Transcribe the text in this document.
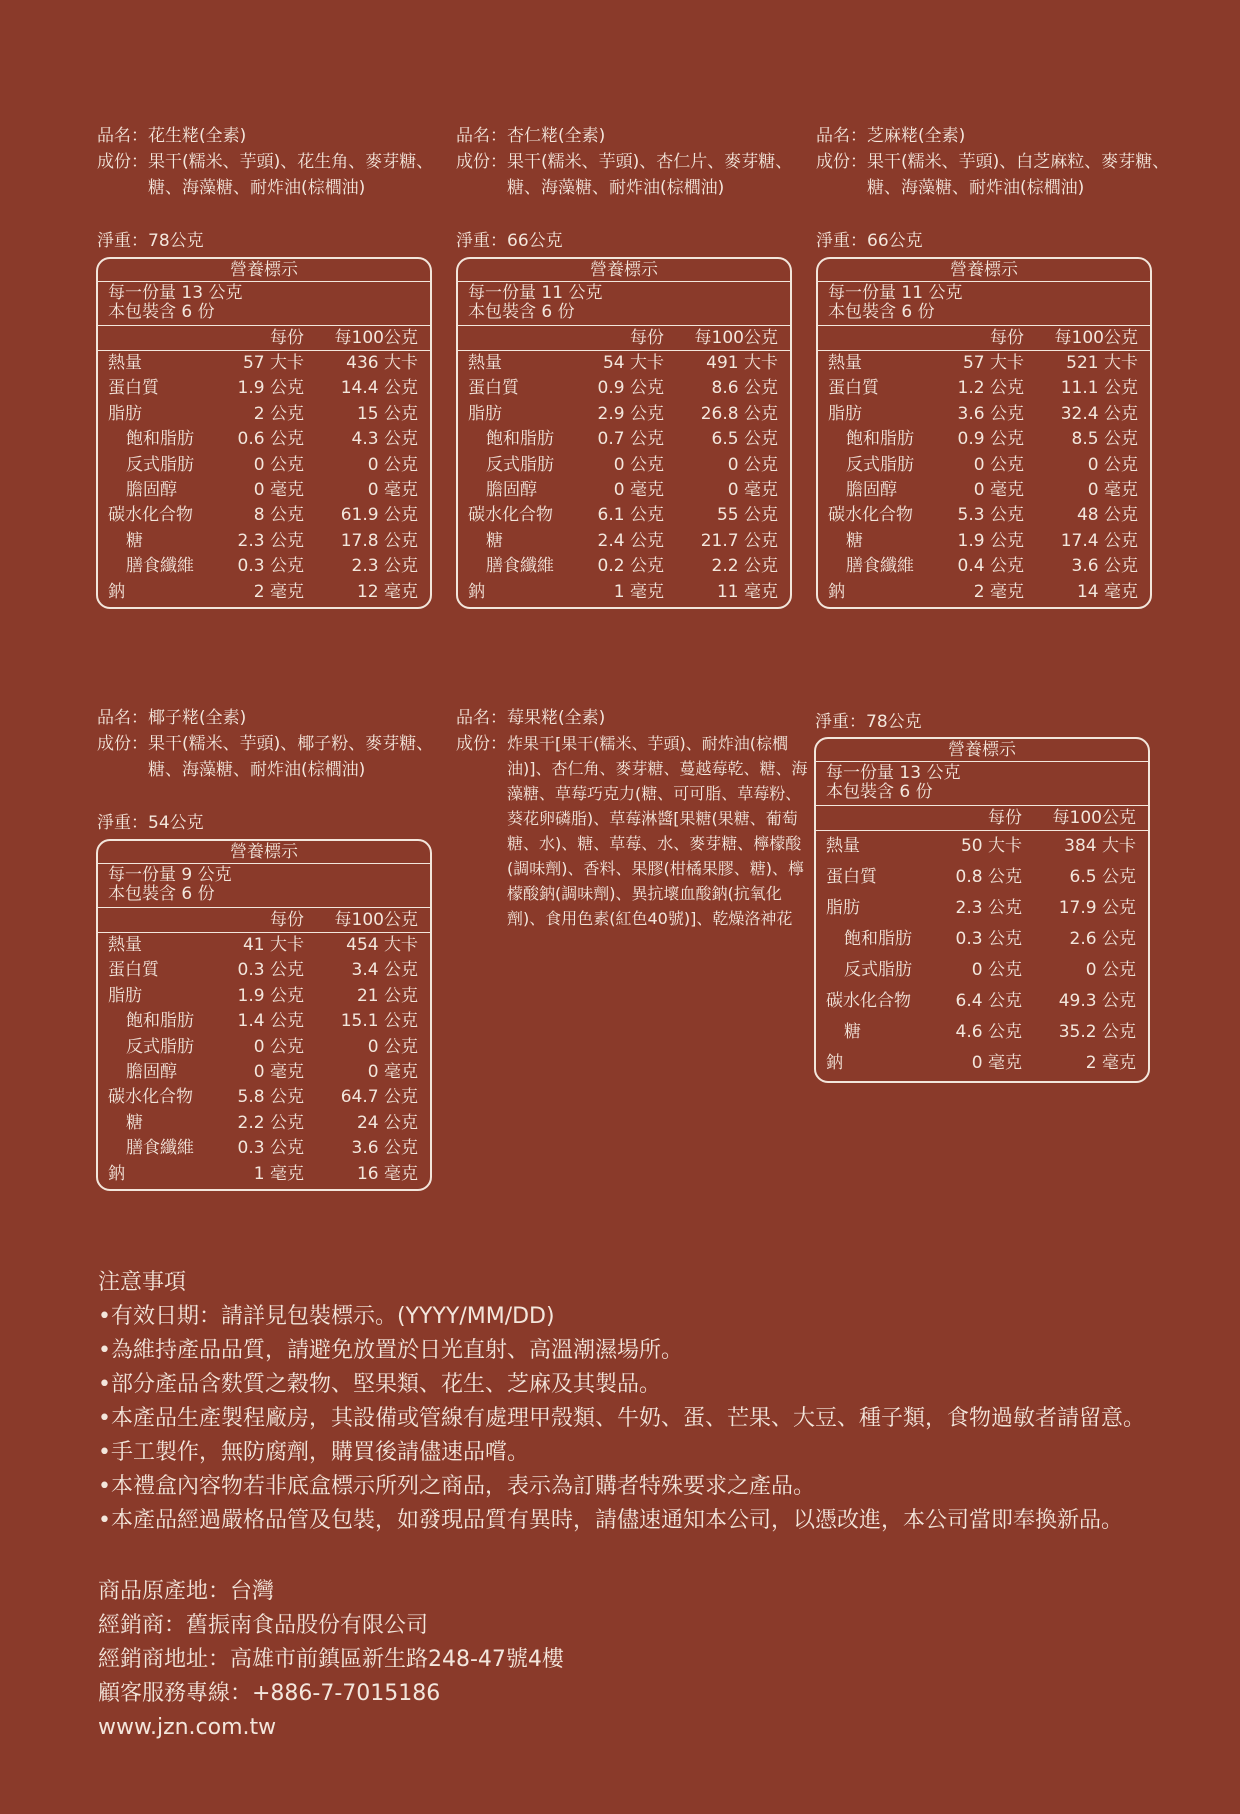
品名： 花生粩(全素)
成份： 果干(糯米、芋頭)、花生角、麥芽糖、糖、海藻糖、耐炸油(棕櫚油)
淨重：78公克
營養標示
每一份量 13 公克
本包裝含 6 份
每份	每100公克
熱量	57 大卡	436 大卡
蛋白質	1.9 公克	14.4 公克
脂肪	2 公克	15 公克
飽和脂肪	0.6 公克	4.3 公克
反式脂肪	0 公克	0 公克
膽固醇	0 毫克	0 毫克
碳水化合物	8 公克	61.9 公克
糖	2.3 公克	17.8 公克
膳食纖維	0.3 公克	2.3 公克
鈉	2 毫克	12 毫克
品名： 杏仁粩(全素)
成份： 果干(糯米、芋頭)、杏仁片、麥芽糖、糖、海藻糖、耐炸油(棕櫚油)
淨重：66公克
營養標示
每一份量 11 公克
本包裝含 6 份
每份	每100公克
熱量	54 大卡	491 大卡
蛋白質	0.9 公克	8.6 公克
脂肪	2.9 公克	26.8 公克
飽和脂肪	0.7 公克	6.5 公克
反式脂肪	0 公克	0 公克
膽固醇	0 毫克	0 毫克
碳水化合物	6.1 公克	55 公克
糖	2.4 公克	21.7 公克
膳食纖維	0.2 公克	2.2 公克
鈉	1 毫克	11 毫克
品名： 芝麻粩(全素)
成份： 果干(糯米、芋頭)、白芝麻粒、麥芽糖、糖、海藻糖、耐炸油(棕櫚油)
淨重：66公克
營養標示
每一份量 11 公克
本包裝含 6 份
每份	每100公克
熱量	57 大卡	521 大卡
蛋白質	1.2 公克	11.1 公克
脂肪	3.6 公克	32.4 公克
飽和脂肪	0.9 公克	8.5 公克
反式脂肪	0 公克	0 公克
膽固醇	0 毫克	0 毫克
碳水化合物	5.3 公克	48 公克
糖	1.9 公克	17.4 公克
膳食纖維	0.4 公克	3.6 公克
鈉	2 毫克	14 毫克
品名： 椰子粩(全素)
成份： 果干(糯米、芋頭)、椰子粉、麥芽糖、糖、海藻糖、耐炸油(棕櫚油)
淨重：54公克
營養標示
每一份量 9 公克
本包裝含 6 份
每份	每100公克
熱量	41 大卡	454 大卡
蛋白質	0.3 公克	3.4 公克
脂肪	1.9 公克	21 公克
飽和脂肪	1.4 公克	15.1 公克
反式脂肪	0 公克	0 公克
膽固醇	0 毫克	0 毫克
碳水化合物	5.8 公克	64.7 公克
糖	2.2 公克	24 公克
膳食纖維	0.3 公克	3.6 公克
鈉	1 毫克	16 毫克
品名： 莓果粩(全素)
成份： 炸果干[果干(糯米、芋頭)、耐炸油(棕櫚油)]、杏仁角、麥芽糖、蔓越莓乾、糖、海藻糖、草莓巧克力(糖、可可脂、草莓粉、葵花卵磷脂)、草莓淋醬[果糖(果糖、葡萄糖、水)、糖、草莓、水、麥芽糖、檸檬酸(調味劑)、香料、果膠(柑橘果膠、糖)、檸檬酸鈉(調味劑)、異抗壞血酸鈉(抗氧化劑)、食用色素(紅色40號)]、乾燥洛神花
淨重：78公克
營養標示
每一份量 13 公克
本包裝含 6 份
每份	每100公克
熱量	50 大卡	384 大卡
蛋白質	0.8 公克	6.5 公克
脂肪	2.3 公克	17.9 公克
飽和脂肪	0.3 公克	2.6 公克
反式脂肪	0 公克	0 公克
碳水化合物	6.4 公克	49.3 公克
糖	4.6 公克	35.2 公克
鈉	0 毫克	2 毫克
注意事項
•有效日期：請詳見包裝標示。(YYYY/MM/DD)
•為維持產品品質，請避免放置於日光直射、高溫潮濕場所。
•部分產品含麩質之穀物、堅果類、花生、芝麻及其製品。
•本產品生產製程廠房，其設備或管線有處理甲殼類、牛奶、蛋、芒果、大豆、種子類，食物過敏者請留意。
•手工製作，無防腐劑，購買後請儘速品嚐。
•本禮盒內容物若非底盒標示所列之商品，表示為訂購者特殊要求之產品。
•本產品經過嚴格品管及包裝，如發現品質有異時，請儘速通知本公司，以憑改進，本公司當即奉換新品。
商品原產地：台灣
經銷商：舊振南食品股份有限公司
經銷商地址：高雄市前鎮區新生路248-47號4樓
顧客服務專線：+886-7-7015186
www.jzn.com.tw
